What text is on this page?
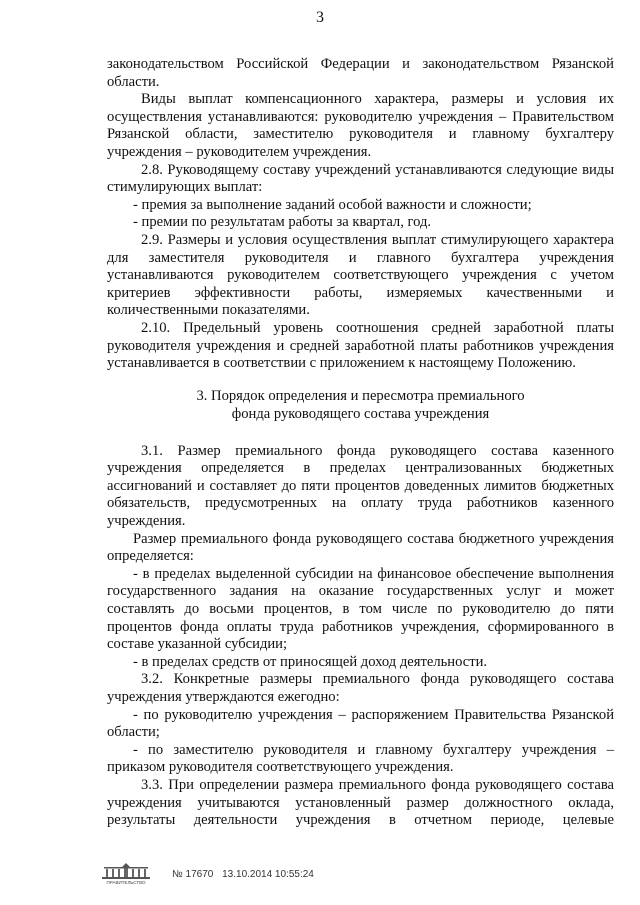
3

законодательством Российской Федерации и законодательством Рязанской области.

Виды выплат компенсационного характера, размеры и условия их осуществления устанавливаются: руководителю учреждения – Правительством Рязанской области, заместителю руководителя и главному бухгалтеру учреждения – руководителем учреждения.

2.8. Руководящему составу учреждений устанавливаются следующие виды стимулирующих выплат:

- премия за выполнение заданий особой важности и сложности;

- премии по результатам работы за квартал, год.

2.9. Размеры и условия осуществления выплат стимулирующего характера для заместителя руководителя и главного бухгалтера учреждения устанавливаются руководителем соответствующего учреждения с учетом критериев эффективности работы, измеряемых качественными и количественными показателями.

2.10. Предельный уровень соотношения средней заработной платы руководителя учреждения и средней заработной платы работников учреждения устанавливается в соответствии с приложением к настоящему Положению.

3. Порядок определения и пересмотра премиального
фонда руководящего состава учреждения

3.1. Размер премиального фонда руководящего состава казенного учреждения определяется в пределах централизованных бюджетных ассигнований и составляет до пяти процентов доведенных лимитов бюджетных обязательств, предусмотренных на оплату труда работников казенного учреждения.

Размер премиального фонда руководящего состава бюджетного учреждения определяется:

- в пределах выделенной субсидии на финансовое обеспечение выполнения государственного задания на оказание государственных услуг и может составлять до восьми процентов, в том числе по руководителю до пяти процентов фонда оплаты труда работников учреждения, сформированного в составе указанной субсидии;

- в пределах средств от приносящей доход деятельности.

3.2. Конкретные размеры премиального фонда руководящего состава учреждения утверждаются ежегодно:

- по руководителю учреждения – распоряжением Правительства Рязанской области;

- по заместителю руководителя и главному бухгалтеру учреждения – приказом руководителя соответствующего учреждения.

3.3. При определении размера премиального фонда руководящего состава учреждения учитываются установленный размер должностного оклада, результаты деятельности учреждения в отчетном периоде, целевые

ПРАВИТЕЛЬСТВО
№ 17670 13.10.2014 10:55:24
